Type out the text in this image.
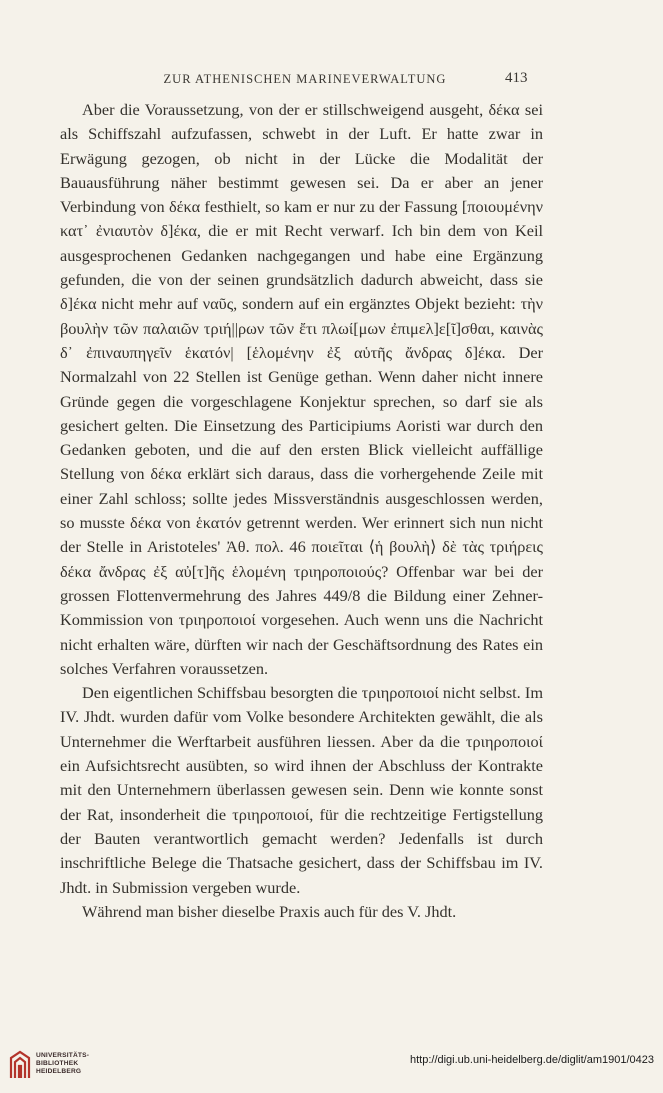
ZUR ATHENISCHEN MARINEVERWALTUNG	413

Aber die Voraussetzung, von der er stillschweigend ausgeht, δέκα sei als Schiffszahl aufzufassen, schwebt in der Luft. Er hatte zwar in Erwägung gezogen, ob nicht in der Lücke die Modalität der Bauausführung näher bestimmt gewesen sei. Da er aber an jener Verbindung von δέκα festhielt, so kam er nur zu der Fassung [ποιουμένην κατ᾽ ἐνιαυτὸν δ]έκα, die er mit Recht verwarf. Ich bin dem von Keil ausgesprochenen Gedanken nachgegangen und habe eine Ergänzung gefunden, die von der seinen grundsätzlich dadurch abweicht, dass sie δ]έκα nicht mehr auf ναῦς, sondern auf ein ergänztes Objekt bezieht: τὴν βουλὴν τῶν παλαιῶν τριή||ρων τῶν ἔτι πλωί[μων ἐπιμελ]ε[ῖ]σθαι, καινὰς δ᾽ ἐπιναυπηγεῖν ἑκατόν| [ἑλομένην ἐξ αὑτῆς ἄνδρας δ]έκα. Der Normalzahl von 22 Stellen ist Genüge gethan. Wenn daher nicht innere Gründe gegen die vorgeschlagene Konjektur sprechen, so darf sie als gesichert gelten. Die Einsetzung des Participiums Aoristi war durch den Gedanken geboten, und die auf den ersten Blick vielleicht auffällige Stellung von δέκα erklärt sich daraus, dass die vorhergehende Zeile mit einer Zahl schloss; sollte jedes Missverständnis ausgeschlossen werden, so musste δέκα von ἑκατόν getrennt werden. Wer erinnert sich nun nicht der Stelle in Aristoteles' Ἀθ. πολ. 46 ποιεῖται ⟨ἡ βουλὴ⟩ δὲ τὰς τριήρεις δέκα ἄνδρας ἐξ αὐ[τ]ῆς ἑλομένη τριηροποιούς? Offenbar war bei der grossen Flottenvermehrung des Jahres 449/8 die Bildung einer Zehner-Kommission von τριηροποιοί vorgesehen. Auch wenn uns die Nachricht nicht erhalten wäre, dürften wir nach der Geschäftsordnung des Rates ein solches Verfahren voraussetzen.

Den eigentlichen Schiffsbau besorgten die τριηροποιοί nicht selbst. Im IV. Jhdt. wurden dafür vom Volke besondere Architekten gewählt, die als Unternehmer die Werftarbeit ausführen liessen. Aber da die τριηροποιοί ein Aufsichtsrecht ausübten, so wird ihnen der Abschluss der Kontrakte mit den Unternehmern überlassen gewesen sein. Denn wie konnte sonst der Rat, insonderheit die τριηροποιοί, für die rechtzeitige Fertigstellung der Bauten verantwortlich gemacht werden? Jedenfalls ist durch inschriftliche Belege die Thatsache gesichert, dass der Schiffsbau im IV. Jhdt. in Submission vergeben wurde.

Während man bisher dieselbe Praxis auch für des V. Jhdt.

UNIVERSITÄTS-
BIBLIOTHEK
HEIDELBERG
http://digi.ub.uni-heidelberg.de/diglit/am1901/0423
